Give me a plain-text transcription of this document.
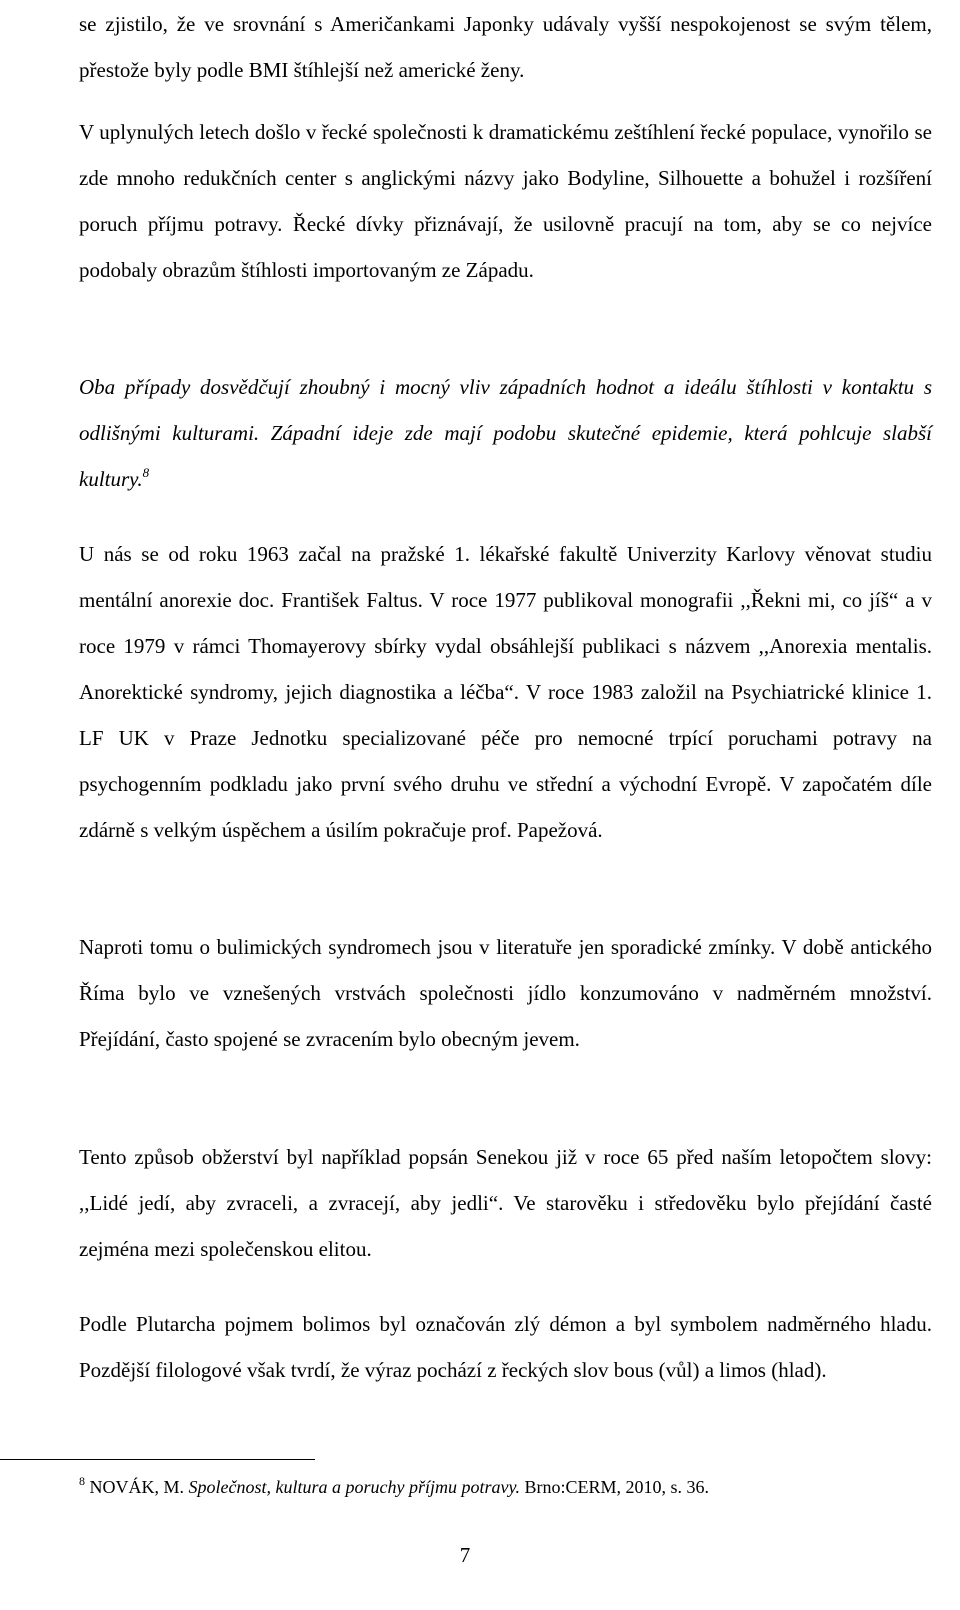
se zjistilo, že ve srovnání s Američankami Japonky udávaly vyšší nespokojenost se svým tělem, přestože byly podle BMI štíhlejší než americké ženy.

V uplynulých letech došlo v řecké společnosti k dramatickému zeštíhlení řecké populace, vynořilo se zde mnoho redukčních center s anglickými názvy jako Bodyline, Silhouette a bohužel i rozšíření poruch příjmu potravy. Řecké dívky přiznávají, že usilovně pracují na tom, aby se co nejvíce podobaly obrazům štíhlosti importovaným ze Západu.

Oba případy dosvědčují zhoubný i mocný vliv západních hodnot a ideálu štíhlosti v kontaktu s odlišnými kulturami. Západní ideje zde mají podobu skutečné epidemie, která pohlcuje slabší kultury.$^8$

U nás se od roku 1963 začal na pražské 1. lékařské fakultě Univerzity Karlovy věnovat studiu mentální anorexie doc. František Faltus. V roce 1977 publikoval monografii ,,Řekni mi, co jíš“ a v roce 1979 v rámci Thomayerovy sbírky vydal obsáhlejší publikaci s názvem ,,Anorexia mentalis. Anorektické syndromy, jejich diagnostika a léčba“. V roce 1983 založil na Psychiatrické klinice 1. LF UK v Praze Jednotku specializované péče pro nemocné trpící poruchami potravy na psychogenním podkladu jako první svého druhu ve střední a východní Evropě. V započatém díle zdárně s velkým úspěchem a úsilím pokračuje prof. Papežová.

Naproti tomu o bulimických syndromech jsou v literatuře jen sporadické zmínky. V době antického Říma bylo ve vznešených vrstvách společnosti jídlo konzumováno v nadměrném množství. Přejídání, často spojené se zvracením bylo obecným jevem.

Tento způsob obžerství byl například popsán Senekou již v roce 65 před naším letopočtem slovy: ,,Lidé jedí, aby zvraceli, a zvracejí, aby jedli“. Ve starověku i středověku bylo přejídání časté zejména mezi společenskou elitou.

Podle Plutarcha pojmem bolimos byl označován zlý démon a byl symbolem nadměrného hladu. Pozdější filologové však tvrdí, že výraz pochází z řeckých slov bous (vůl) a limos (hlad).

$^8$ NOVÁK, M. Společnost, kultura a poruchy příjmu potravy. Brno:CERM, 2010, s. 36.

7
